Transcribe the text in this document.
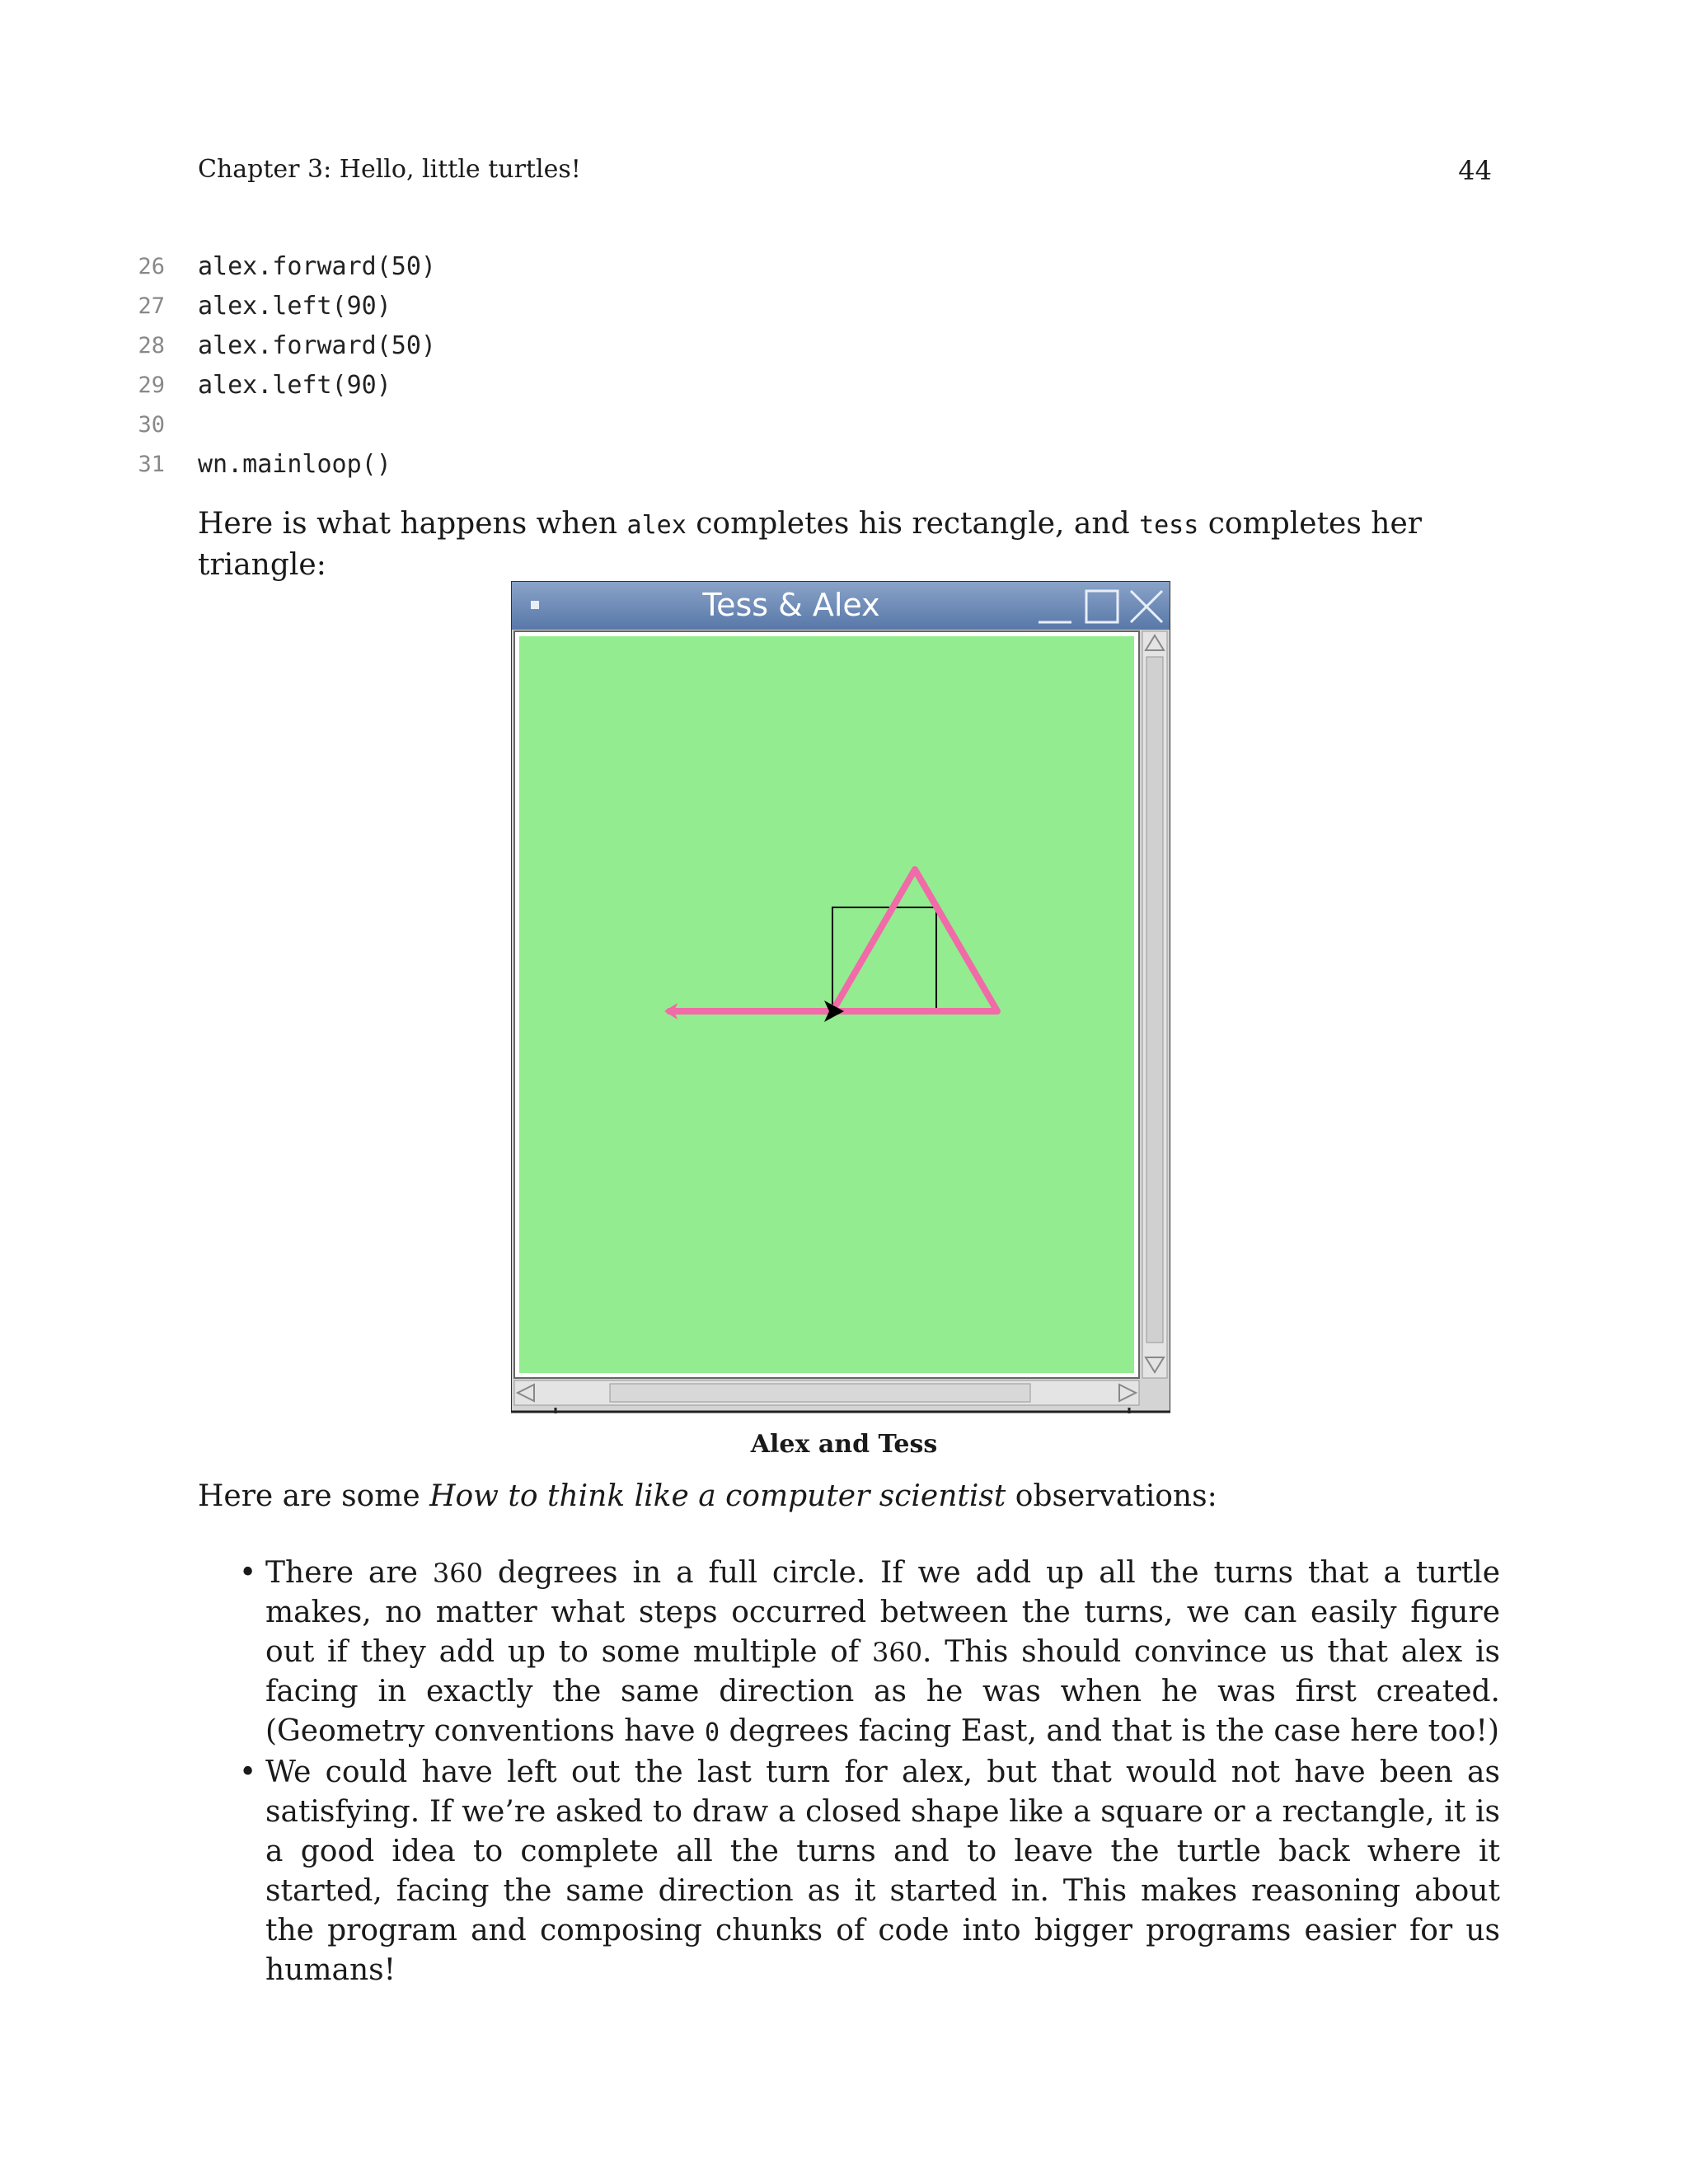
Chapter 3: Hello, little turtles!	44
26 alex.forward(50)
27 alex.left(90)
28 alex.forward(50)
29 alex.left(90)
30
31 wn.mainloop()

Here is what happens when alex completes his rectangle, and tess completes her triangle:

Tess & Alex
Alex and Tess

Here are some How to think like a computer scientist observations:

• There are 360 degrees in a full circle. If we add up all the turns that a turtle makes, no matter what steps occurred between the turns, we can easily figure out if they add up to some multiple of 360. This should convince us that alex is facing in exactly the same direction as he was when he was first created. (Geometry conventions have 0 degrees facing East, and that is the case here too!)
• We could have left out the last turn for alex, but that would not have been as satisfying. If we’re asked to draw a closed shape like a square or a rectangle, it is a good idea to complete all the turns and to leave the turtle back where it started, facing the same direction as it started in. This makes reasoning about the program and composing chunks of code into bigger programs easier for us humans!
